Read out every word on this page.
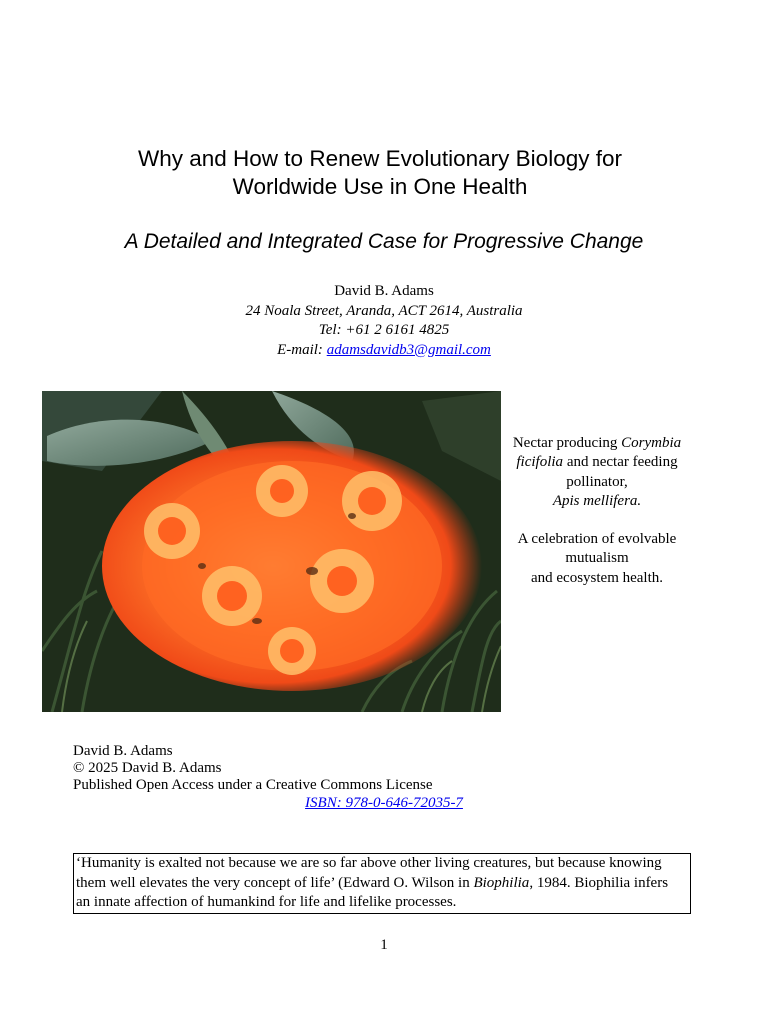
Why and How to Renew Evolutionary Biology for
Worldwide Use in One Health
A Detailed and Integrated Case for Progressive Change
David B. Adams
24 Noala Street, Aranda, ACT 2614, Australia
Tel: +61 2 6161 4825
E-mail: adamsdavidb3@gmail.com
Nectar producing Corymbia
ficifolia and nectar feeding pollinator,
Apis mellifera.
A celebration of evolvable mutualism
and ecosystem health.
David B. Adams
© 2025 David B. Adams
Published Open Access under a Creative Commons License
ISBN: 978-0-646-72035-7
‘Humanity is exalted not because we are so far above other living creatures, but because knowing them well elevates the very concept of life’ (Edward O. Wilson in Biophilia, 1984. Biophilia infers an innate affection of humankind for life and lifelike processes.
1
